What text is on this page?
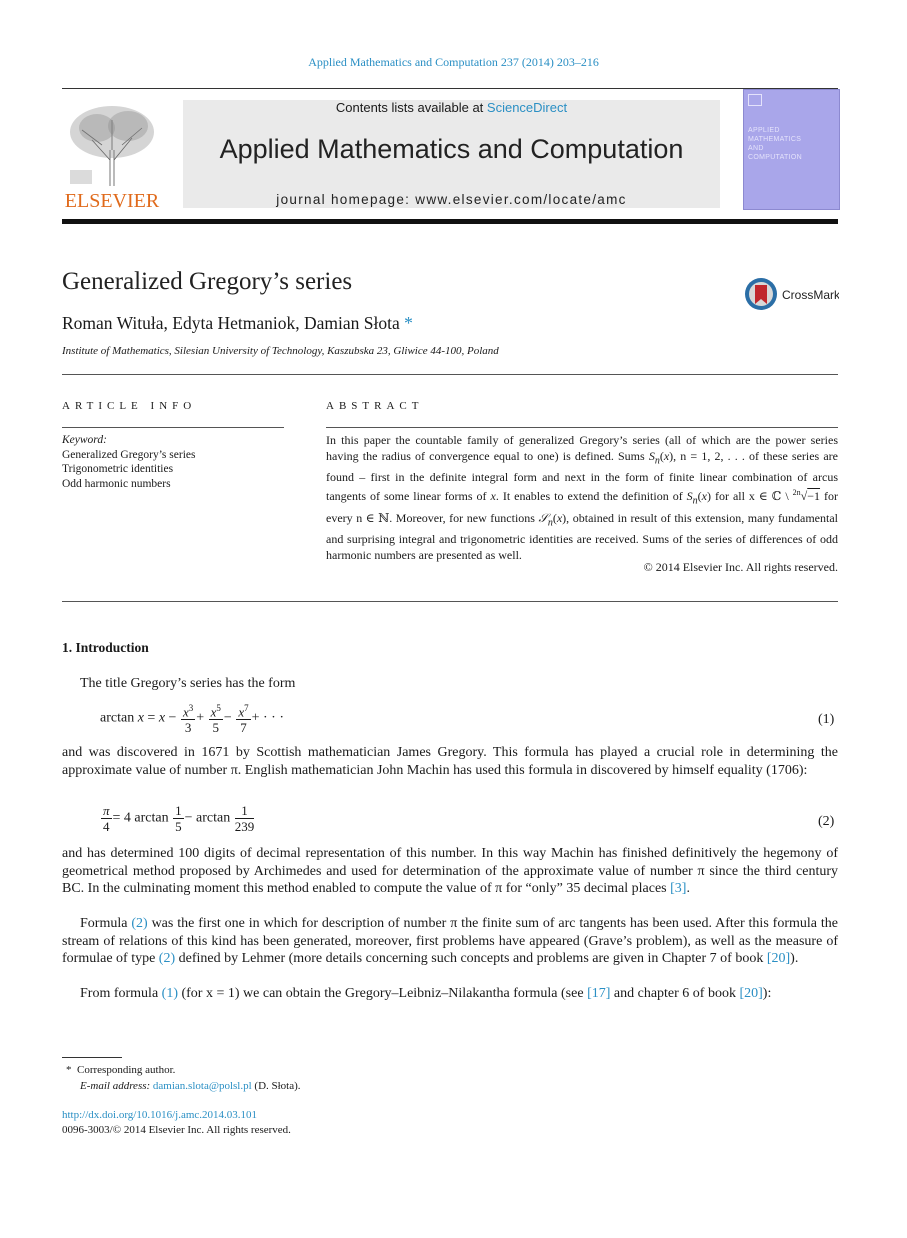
Applied Mathematics and Computation 237 (2014) 203–216
ELSEVIER
Contents lists available at ScienceDirect
Applied Mathematics and Computation
journal homepage: www.elsevier.com/locate/amc
APPLIED
MATHEMATICS
AND
COMPUTATION
Generalized Gregory’s series	CrossMark
Roman Wituła, Edyta Hetmaniok, Damian Słota *
Institute of Mathematics, Silesian University of Technology, Kaszubska 23, Gliwice 44-100, Poland
ARTICLE INFO
Keyword:
Generalized Gregory’s series
Trigonometric identities
Odd harmonic numbers
ABSTRACT
In this paper the countable family of generalized Gregory’s series (all of which are the power series having the radius of convergence equal to one) is defined. Sums $S_n(x)$, n = 1, 2, . . . of these series are found – first in the definite integral form and next in the form of finite linear combination of arcus tangents of some linear forms of x. It enables to extend the definition of $S_n(x)$ for all x ∈ ℂ \ $^{2n}$√−1 for every n ∈ ℕ. Moreover, for new functions 𝒮$_n$(x), obtained in result of this extension, many fundamental and surprising integral and trigonometric identities are received. Sums of the series of differences of odd harmonic numbers are presented as well.
© 2014 Elsevier Inc. All rights reserved.
1. Introduction
The title Gregory’s series has the form
$\arctan x = x - \frac{x^3}{3} + \frac{x^5}{5} - \frac{x^7}{7}$ + · · ·	(1)
and was discovered in 1671 by Scottish mathematician James Gregory. This formula has played a crucial role in determining the approximate value of number π. English mathematician John Machin has used this formula in discovered by himself equality (1706):
$\frac{\pi}{4} = 4$ $\arctan \frac{1}{5} - \arctan \frac{1}{239}$	(2)
and has determined 100 digits of decimal representation of this number. In this way Machin has finished definitively the hegemony of geometrical method proposed by Archimedes and used for determination of the approximate value of number π since the third century BC. In the culminating moment this method enabled to compute the value of π for “only” 35 decimal places [3].
Formula (2) was the first one in which for description of number π the finite sum of arc tangents has been used. After this formula the stream of relations of this kind has been generated, moreover, first problems have appeared (Grave’s problem), as well as the measure of formulae of type (2) defined by Lehmer (more details concerning such concepts and problems are given in Chapter 7 of book [20]).
From formula (1) (for x = 1) we can obtain the Gregory–Leibniz–Nilakantha formula (see [17] and chapter 6 of book [20]):
* Corresponding author.
E-mail address: damian.slota@polsl.pl (D. Słota).
http://dx.doi.org/10.1016/j.amc.2014.03.101
0096-3003/© 2014 Elsevier Inc. All rights reserved.
